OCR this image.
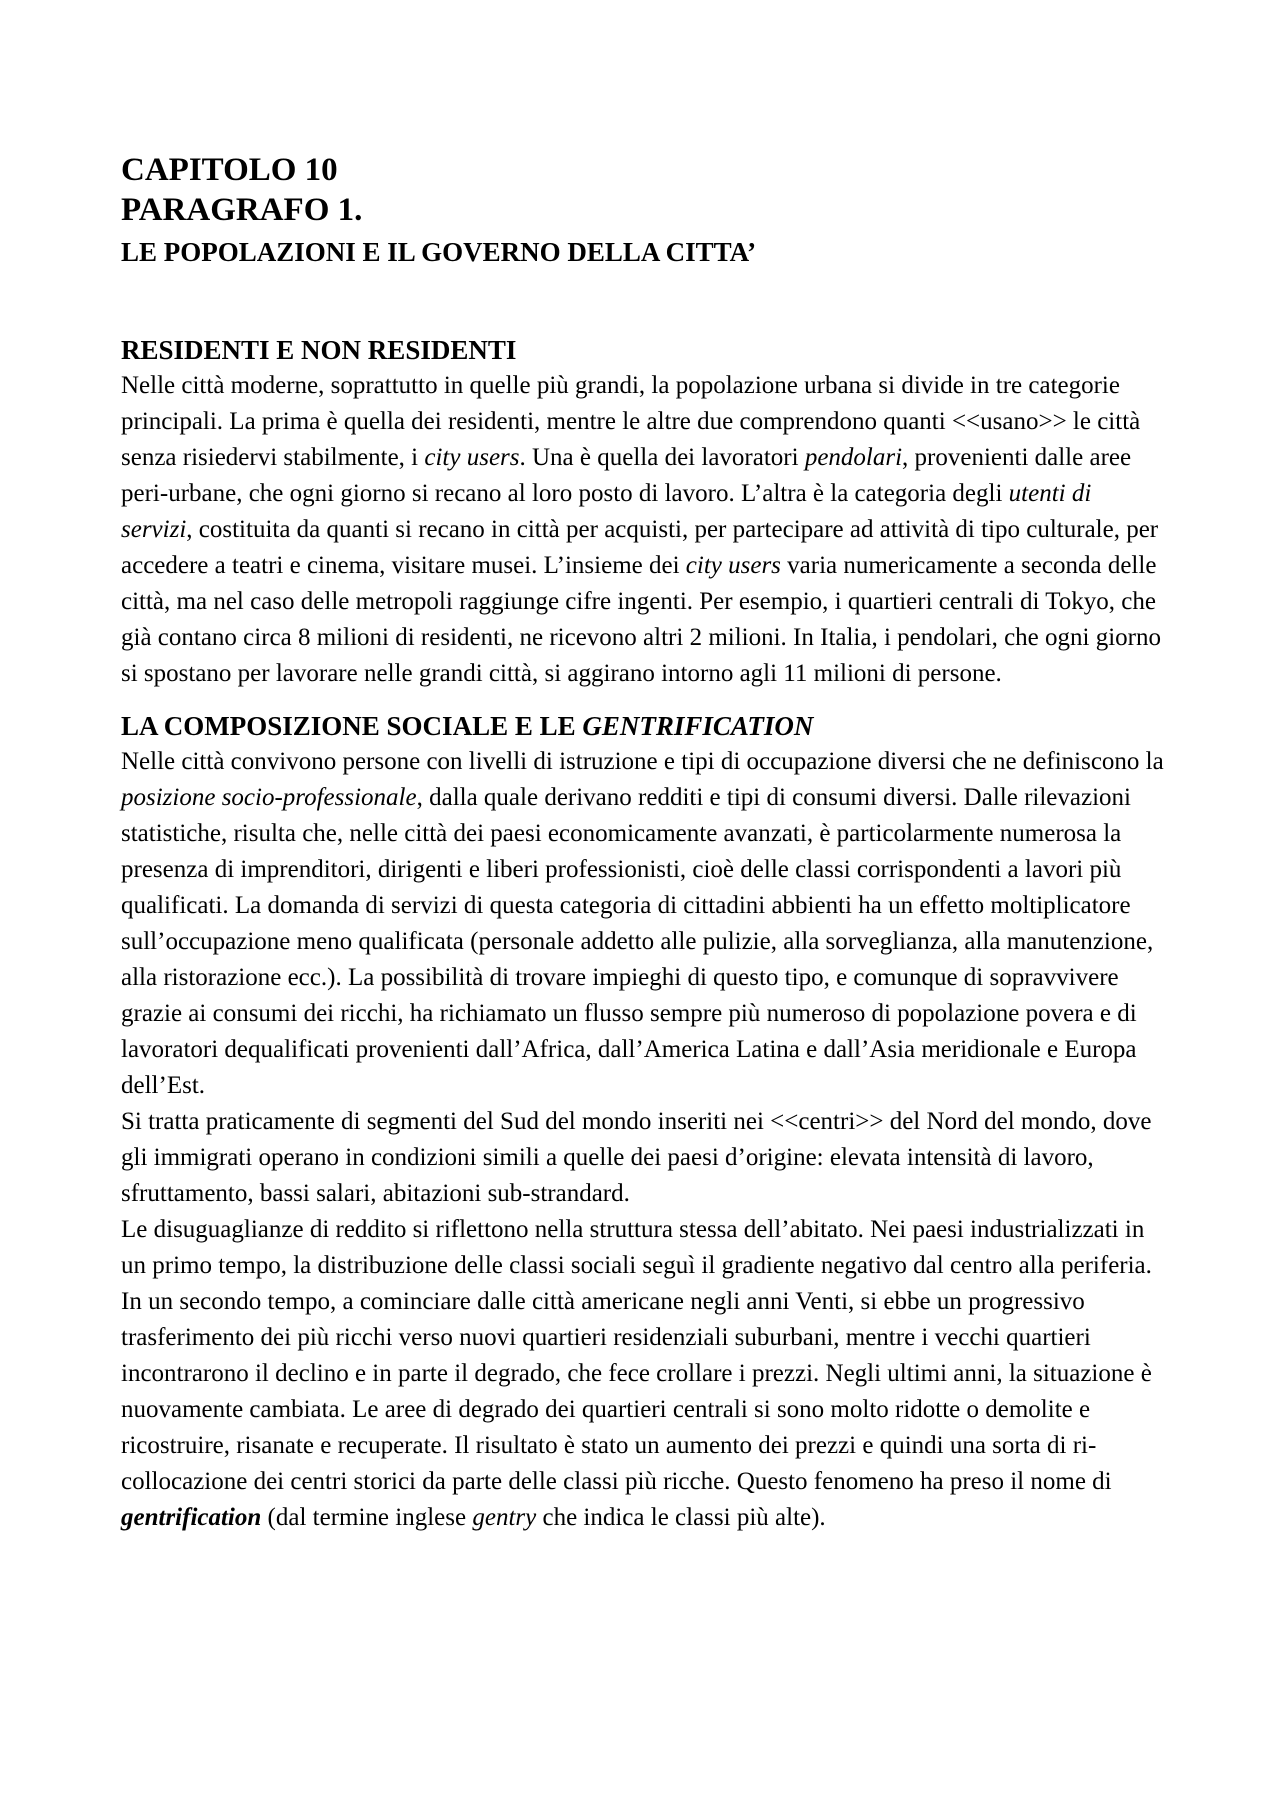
CAPITOLO 10
PARAGRAFO 1.
LE POPOLAZIONI E IL GOVERNO DELLA CITTA’
RESIDENTI E NON RESIDENTI

Nelle città moderne, soprattutto in quelle più grandi, la popolazione urbana si divide in tre categorie principali. La prima è quella dei residenti, mentre le altre due comprendono quanti <<usano>> le città senza risiedervi stabilmente, i city users. Una è quella dei lavoratori pendolari, provenienti dalle aree peri-urbane, che ogni giorno si recano al loro posto di lavoro. L’altra è la categoria degli utenti di servizi, costituita da quanti si recano in città per acquisti, per partecipare ad attività di tipo culturale, per accedere a teatri e cinema, visitare musei. L’insieme dei city users varia numericamente a seconda delle città, ma nel caso delle metropoli raggiunge cifre ingenti. Per esempio, i quartieri centrali di Tokyo, che già contano circa 8 milioni di residenti, ne ricevono altri 2 milioni. In Italia, i pendolari, che ogni giorno si spostano per lavorare nelle grandi città, si aggirano intorno agli 11 milioni di persone.

LA COMPOSIZIONE SOCIALE E LE GENTRIFICATION

Nelle città convivono persone con livelli di istruzione e tipi di occupazione diversi che ne definiscono la posizione socio-professionale, dalla quale derivano redditi e tipi di consumi diversi. Dalle rilevazioni statistiche, risulta che, nelle città dei paesi economicamente avanzati, è particolarmente numerosa la presenza di imprenditori, dirigenti e liberi professionisti, cioè delle classi corrispondenti a lavori più qualificati. La domanda di servizi di questa categoria di cittadini abbienti ha un effetto moltiplicatore sull’occupazione meno qualificata (personale addetto alle pulizie, alla sorveglianza, alla manutenzione, alla ristorazione ecc.). La possibilità di trovare impieghi di questo tipo, e comunque di sopravvivere grazie ai consumi dei ricchi, ha richiamato un flusso sempre più numeroso di popolazione povera e di lavoratori dequalificati provenienti dall’Africa, dall’America Latina e dall’Asia meridionale e Europa dell’Est.

Si tratta praticamente di segmenti del Sud del mondo inseriti nei <<centri>> del Nord del mondo, dove gli immigrati operano in condizioni simili a quelle dei paesi d’origine: elevata intensità di lavoro, sfruttamento, bassi salari, abitazioni sub-strandard.

Le disuguaglianze di reddito si riflettono nella struttura stessa dell’abitato. Nei paesi industrializzati in un primo tempo, la distribuzione delle classi sociali seguì il gradiente negativo dal centro alla periferia. In un secondo tempo, a cominciare dalle città americane negli anni Venti, si ebbe un progressivo trasferimento dei più ricchi verso nuovi quartieri residenziali suburbani, mentre i vecchi quartieri incontrarono il declino e in parte il degrado, che fece crollare i prezzi. Negli ultimi anni, la situazione è nuovamente cambiata. Le aree di degrado dei quartieri centrali si sono molto ridotte o demolite e ricostruire, risanate e recuperate. Il risultato è stato un aumento dei prezzi e quindi una sorta di ri-collocazione dei centri storici da parte delle classi più ricche. Questo fenomeno ha preso il nome di gentrification (dal termine inglese gentry che indica le classi più alte).
